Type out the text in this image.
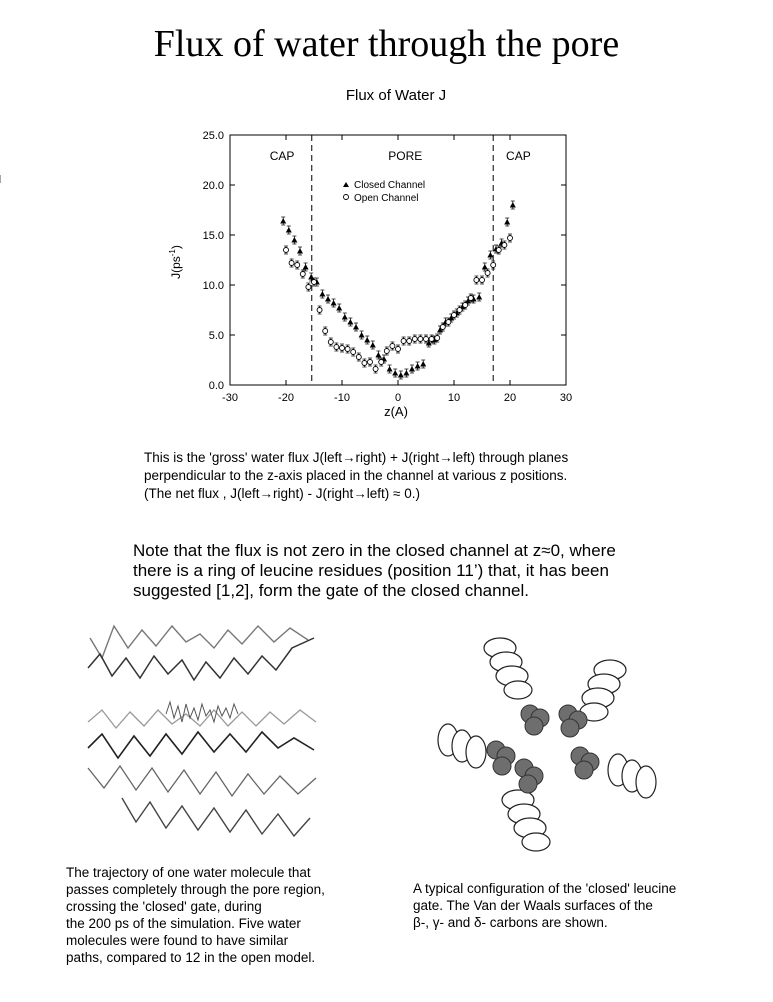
Flux of water through the pore
Flux of Water J
-30	-20	-10	0	10	20	30
0.0
5.0
10.0
15.0
20.0
25.0
CAP	PORE	CAP
Closed Channel
Open Channel
z(A)
$J(ps^{-1})$
This is the 'gross' water flux J(left→right) + J(right→left) through planes
perpendicular to the z-axis placed in the channel at various z positions.
(The net flux , J(left→right) - J(right→left) ≈ 0.)
Note that the flux is not zero in the closed channel at z≈0, where
there is a ring of leucine residues (position 11’) that, it has been
suggested [1,2], form the gate of the closed channel.
The trajectory of one water molecule that
passes completely through the pore region,
crossing the 'closed' gate, during
the 200 ps of the simulation. Five water
molecules were found to have similar
paths, compared to 12 in the open model.
A typical configuration of the 'closed' leucine
gate. The Van der Waals surfaces of the
β-, γ- and δ- carbons are shown.
